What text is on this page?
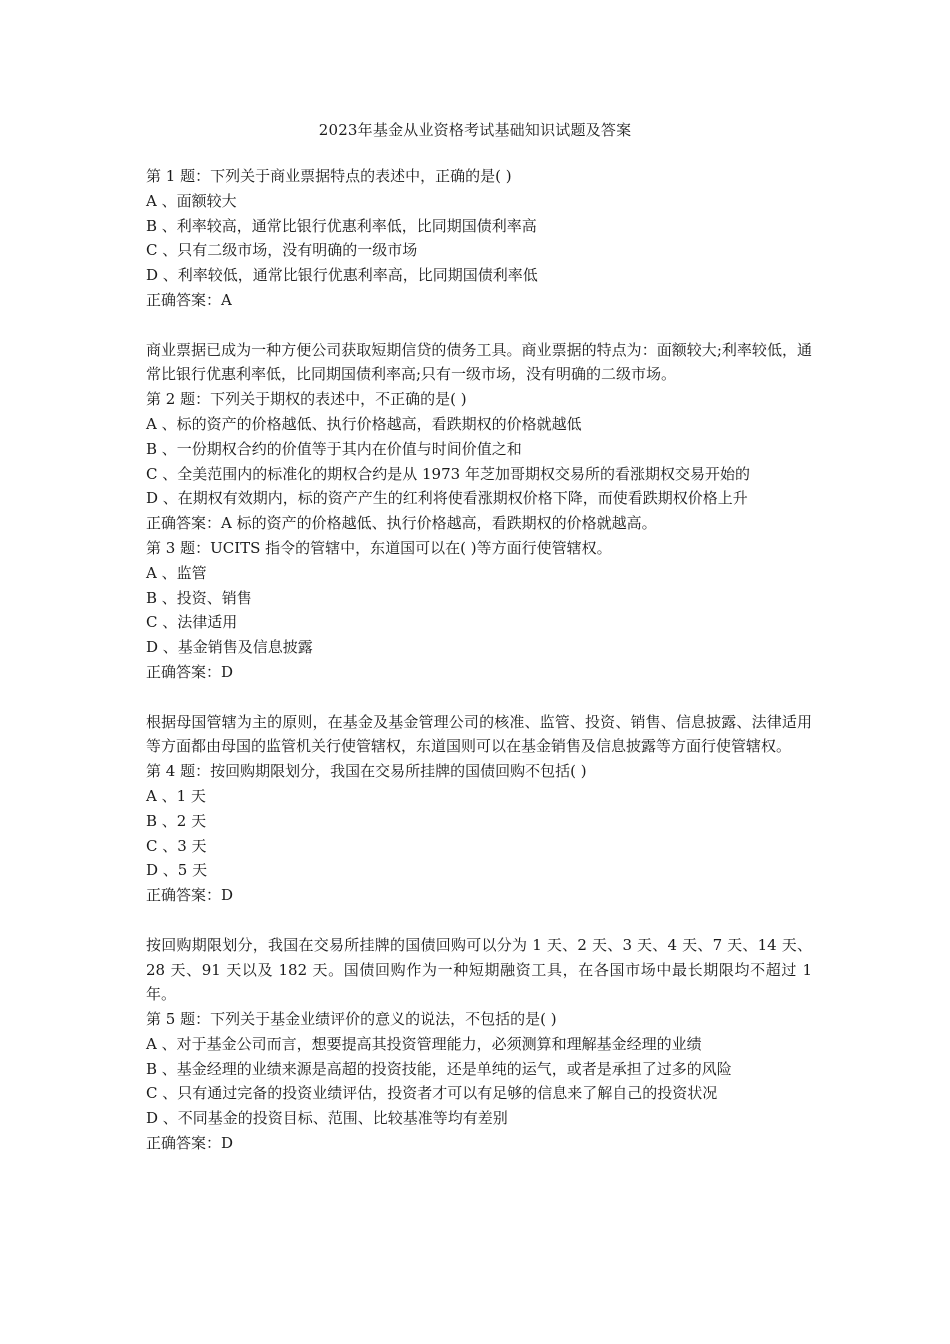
2023年基金从业资格考试基础知识试题及答案

第 1 题：下列关于商业票据特点的表述中，正确的是( )

A 、面额较大

B 、利率较高，通常比银行优惠利率低，比同期国债利率高

C 、只有二级市场，没有明确的一级市场

D 、利率较低，通常比银行优惠利率高，比同期国债利率低

正确答案：A

商业票据已成为一种方便公司获取短期信贷的债务工具。商业票据的特点为：面额较大;利率较低，通常比银行优惠利率低，比同期国债利率高;只有一级市场，没有明确的二级市场。

第 2 题：下列关于期权的表述中，不正确的是( )

A 、标的资产的价格越低、执行价格越高，看跌期权的价格就越低

B 、一份期权合约的价值等于其内在价值与时间价值之和

C 、全美范围内的标准化的期权合约是从 1973 年芝加哥期权交易所的看涨期权交易开始的

D 、在期权有效期内，标的资产产生的红利将使看涨期权价格下降，而使看跌期权价格上升

正确答案：A 标的资产的价格越低、执行价格越高，看跌期权的价格就越高。

第 3 题：UCITS 指令的管辖中，东道国可以在( )等方面行使管辖权。

A 、监管

B 、投资、销售

C 、法律适用

D 、基金销售及信息披露

正确答案：D

根据母国管辖为主的原则，在基金及基金管理公司的核准、监管、投资、销售、信息披露、法律适用等方面都由母国的监管机关行使管辖权，东道国则可以在基金销售及信息披露等方面行使管辖权。

第 4 题：按回购期限划分，我国在交易所挂牌的国债回购不包括( )

A 、1 天

B 、2 天

C 、3 天

D 、5 天

正确答案：D

按回购期限划分，我国在交易所挂牌的国债回购可以分为 1 天、2 天、3 天、4 天、7 天、14 天、28 天、91 天以及 182 天。国债回购作为一种短期融资工具，在各国市场中最长期限均不超过 1 年。

第 5 题：下列关于基金业绩评价的意义的说法，不包括的是( )

A 、对于基金公司而言，想要提高其投资管理能力，必须测算和理解基金经理的业绩

B 、基金经理的业绩来源是高超的投资技能，还是单纯的运气，或者是承担了过多的风险

C 、只有通过完备的投资业绩评估，投资者才可以有足够的信息来了解自己的投资状况

D 、不同基金的投资目标、范围、比较基准等均有差别

正确答案：D
